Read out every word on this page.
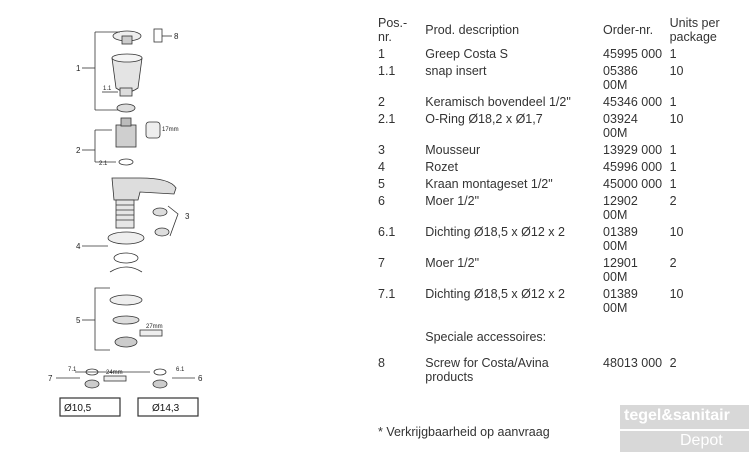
8
1
1.1
17mm
2
2.1
3
4
27mm
5
24mm
7
7.1
6
6.1
Ø10,5	Ø14,3
Pos.-nr.	Prod. description	Order-nr.	Units per package
1	Greep Costa S	45995 000	1
1.1	snap insert	05386 00M	10
2	Keramisch bovendeel 1/2"	45346 000	1
2.1	O-Ring Ø18,2 x Ø1,7	03924 00M	10
3	Mousseur	13929 000	1
4	Rozet	45996 000	1
5	Kraan montageset 1/2"	45000 000	1
6	Moer 1/2"	12902 00M	2
6.1	Dichting Ø18,5 x Ø12 x 2	01389 00M	10
7	Moer 1/2"	12901 00M	2
7.1	Dichting Ø18,5 x Ø12 x 2	01389 00M	10
	Speciale accessoires:		
8	Screw for Costa/Avina products	48013 000	2
* Verkrijgbaarheid op aanvraag
tegel&sanitair
Depot
